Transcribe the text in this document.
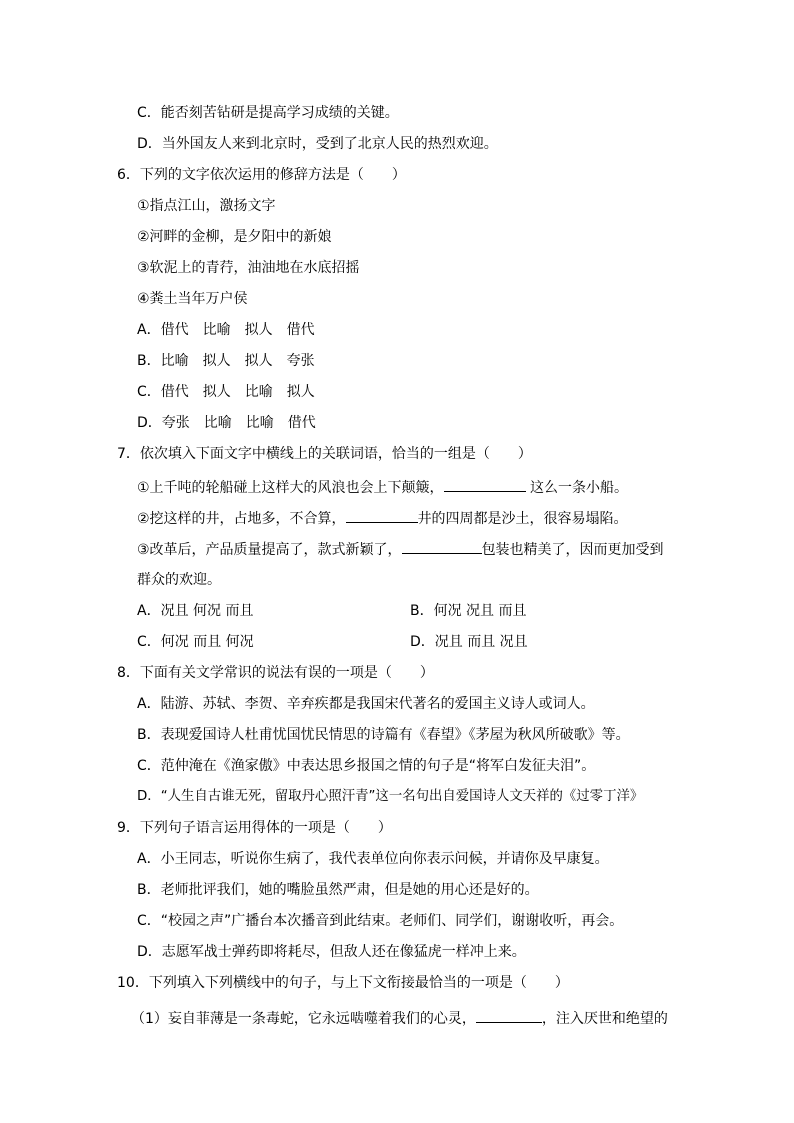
C．能否刻苦钻研是提高学习成绩的关键。
D．当外国友人来到北京时，受到了北京人民的热烈欢迎。
6．下列的文字依次运用的修辞方法是（　　）
①指点江山，激扬文字
②河畔的金柳，是夕阳中的新娘
③软泥上的青荇，油油地在水底招摇
④粪土当年万户侯
A．借代　比喻　拟人　借代
B．比喻　拟人　拟人　夸张
C．借代　拟人　比喻　拟人
D．夸张　比喻　比喻　借代
7．依次填入下面文字中横线上的关联词语，恰当的一组是（　　）
①上千吨的轮船碰上这样大的风浪也会上下颠簸，	这么一条小船。
②挖这样的井，占地多，不合算，	井的四周都是沙土，很容易塌陷。
③改革后，产品质量提高了，款式新颖了，	包装也精美了，因而更加受到
群众的欢迎。
A．况且 何况 而且	B．何况 况且 而且
C．何况 而且 何况	D．况且 而且 况且
8．下面有关文学常识的说法有误的一项是（　　）
A．陆游、苏轼、李贺、辛弃疾都是我国宋代著名的爱国主义诗人或词人。
B．表现爱国诗人杜甫忧国忧民情思的诗篇有《春望》《茅屋为秋风所破歌》等。
C．范仲淹在《渔家傲》中表达思乡报国之情的句子是“将军白发征夫泪”。
D．“人生自古谁无死，留取丹心照汗青”这一名句出自爱国诗人文天祥的《过零丁洋》
9．下列句子语言运用得体的一项是（　　）
A．小王同志，听说你生病了，我代表单位向你表示问候，并请你及早康复。
B．老师批评我们，她的嘴脸虽然严肃，但是她的用心还是好的。
C．“校园之声”广播台本次播音到此结束。老师们、同学们，谢谢收听，再会。
D．志愿军战士弹药即将耗尽，但敌人还在像猛虎一样冲上来。
10．下列填入下列横线中的句子，与上下文衔接最恰当的一项是（　　）
（1）妄自菲薄是一条毒蛇，它永远啮噬着我们的心灵，	，注入厌世和绝望的
